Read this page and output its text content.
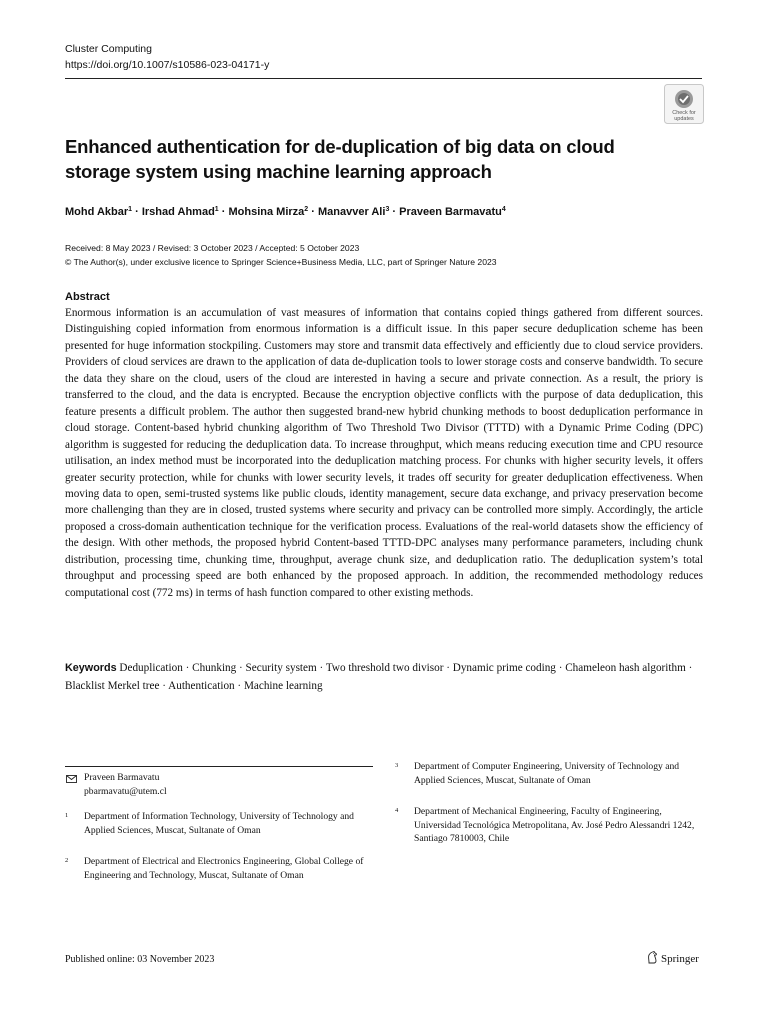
Cluster Computing
https://doi.org/10.1007/s10586-023-04171-y
Check for
updates
Enhanced authentication for de-duplication of big data on cloud storage system using machine learning approach
Mohd Akbar$^1$ · Irshad Ahmad$^1$ · Mohsina Mirza$^2$ · Manavver Ali$^3$ · Praveen Barmavatu$^4$
Received: 8 May 2023 / Revised: 3 October 2023 / Accepted: 5 October 2023
© The Author(s), under exclusive licence to Springer Science+Business Media, LLC, part of Springer Nature 2023
Abstract
Enormous information is an accumulation of vast measures of information that contains copied things gathered from different sources. Distinguishing copied information from enormous information is a difficult issue. In this paper secure deduplication scheme has been presented for huge information stockpiling. Customers may store and transmit data effectively and efficiently due to cloud service providers. Providers of cloud services are drawn to the application of data de-duplication tools to lower storage costs and conserve bandwidth. To secure the data they share on the cloud, users of the cloud are interested in having a secure and private connection. As a result, the priory is transferred to the cloud, and the data is encrypted. Because the encryption objective conflicts with the purpose of data deduplication, this feature presents a difficult problem. The author then suggested brand-new hybrid chunking methods to boost deduplication performance in cloud storage. Content-based hybrid chunking algorithm of Two Threshold Two Divisor (TTTD) with a Dynamic Prime Coding (DPC) algorithm is suggested for reducing the deduplication data. To increase throughput, which means reducing execution time and CPU resource utilisation, an index method must be incorporated into the deduplication matching process. For chunks with higher security levels, it offers greater security protection, while for chunks with lower security levels, it trades off security for greater deduplication effectiveness. When moving data to open, semi-trusted systems like public clouds, identity management, secure data exchange, and privacy preservation become more challenging than they are in closed, trusted systems where security and privacy can be controlled more simply. Accordingly, the article proposed a cross-domain authentication technique for the verification process. Evaluations of the real-world datasets show the efficiency of the design. With other methods, the proposed hybrid Content-based TTTD-DPC analyses many performance parameters, including chunk distribution, processing time, chunking time, throughput, average chunk size, and deduplication ratio. The deduplication system’s total throughput and processing speed are both enhanced by the proposed approach. In addition, the recommended methodology reduces computational cost (772 ms) in terms of hash function compared to other existing methods.
Keywords Deduplication · Chunking · Security system · Two threshold two divisor · Dynamic prime coding · Chameleon hash algorithm · Blacklist Merkel tree · Authentication · Machine learning
Praveen Barmavatu
pbarmavatu@utem.cl
1 Department of Information Technology, University of Technology and Applied Sciences, Muscat, Sultanate of Oman
2 Department of Electrical and Electronics Engineering, Global College of Engineering and Technology, Muscat, Sultanate of Oman
3 Department of Computer Engineering, University of Technology and Applied Sciences, Muscat, Sultanate of Oman
4 Department of Mechanical Engineering, Faculty of Engineering, Universidad Tecnológica Metropolitana, Av. José Pedro Alessandri 1242, Santiago 7810003, Chile
Published online: 03 November 2023	Springer
